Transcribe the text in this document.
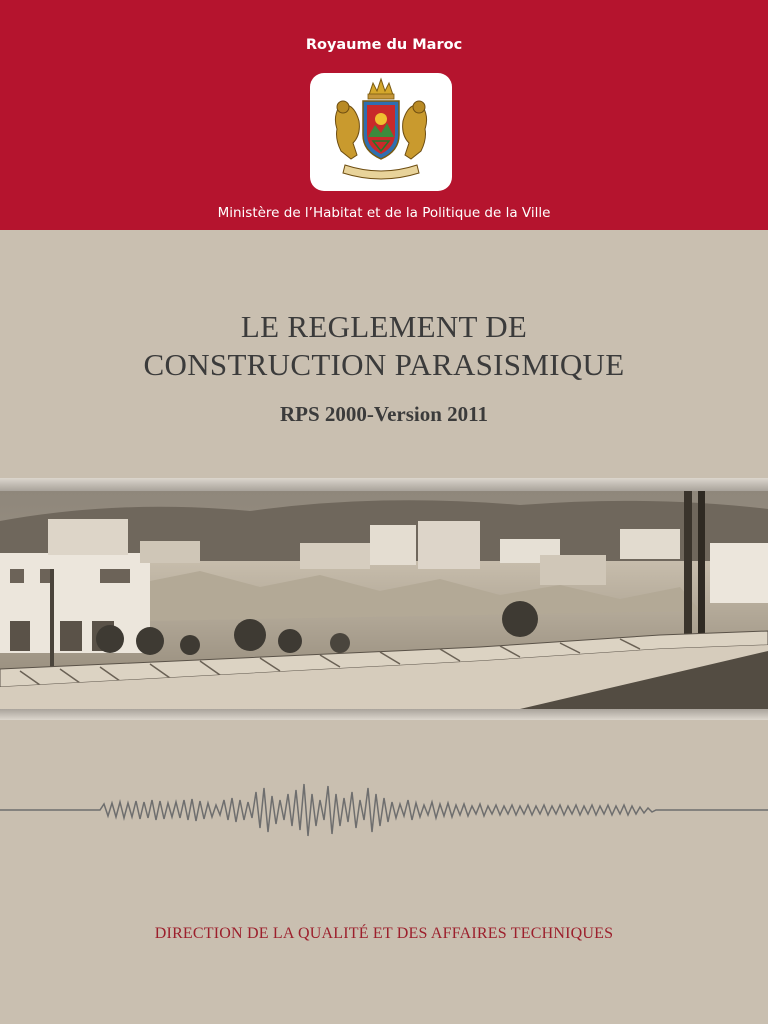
Royaume du Maroc
Ministère de l’Habitat et de la Politique de la Ville
LE REGLEMENT DE
CONSTRUCTION PARASISMIQUE
RPS 2000-Version 2011
DIRECTION DE LA QUALITÉ ET DES AFFAIRES TECHNIQUES
